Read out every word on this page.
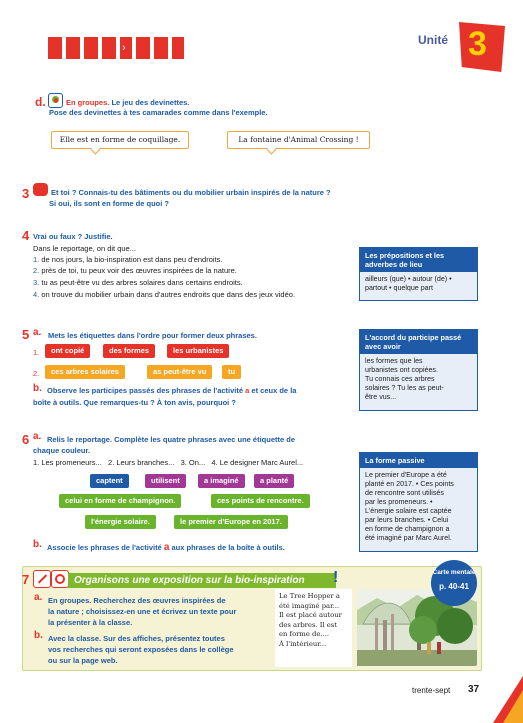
›
Unité 3
d.	En groupes. Le jeu des devinettes.
Pose des devinettes à tes camarades comme dans l'exemple.
Elle est en forme de coquillage.	La fontaine d'Animal Crossing !
3	Et toi ? Connais-tu des bâtiments ou du mobilier urbain inspirés de la nature ?
Si oui, ils sont en forme de quoi ?
4 Vrai ou faux ? Justifie.
Dans le reportage, on dit que...
1. de nos jours, la bio-inspiration est dans peu d'endroits.
2. près de toi, tu peux voir des œuvres inspirées de la nature.
3. tu as peut-être vu des arbres solaires dans certains endroits.
4. on trouve du mobilier urbain dans d'autres endroits que dans des jeux vidéo.
Les prépositions et les adverbes de lieu
ailleurs (que) • autour (de) •
partout • quelque part
5 a. Mets les étiquettes dans l'ordre pour former deux phrases.
1.	ont copié	des formes	les urbanistes
2.	ces arbres solaires	as peut-être vu	tu
b. Observe les participes passés des phrases de l'activité a et ceux de la
boîte à outils. Que remarques-tu ? À ton avis, pourquoi ?
L'accord du participe passé avec avoir
les formes que les
urbanistes ont copiées.
Tu connais ces arbres
solaires ? Tu les as peut-
être vus...
6 a. Relis le reportage. Complète les quatre phrases avec une étiquette de
chaque couleur.
1. Les promeneurs...   2. Leurs branches...   3. On...   4. Le designer Marc Aurel...
captent	utilisent	a imaginé	a planté
celui en forme de champignon.	ces points de rencontre.
l'énergie solaire.	le premier d'Europe en 2017.
b. Associe les phrases de l'activité a aux phrases de la boîte à outils.
La forme passive
Le premier d'Europe a été
planté en 2017. • Ces points
de rencontre sont utilisés
par les promeneurs. •
L'énergie solaire est captée
par leurs branches. • Celui
en forme de champignon a
été imaginé par Marc Aurel.
7	Organisons une exposition sur la bio-inspiration	!
a. En groupes. Recherchez des œuvres inspirées de
la nature ; choisissez-en une et écrivez un texte pour
la présenter à la classe.
b. Avec la classe. Sur des affiches, présentez toutes
vos recherches qui seront exposées dans le collège
ou sur la page web.
Le Tree Hopper a
été imaginé par...
Il est placé autour
des arbres. Il est
en forme de....
À l'intérieur...
Carte mentale
p. 40-41
trente-sept 37
